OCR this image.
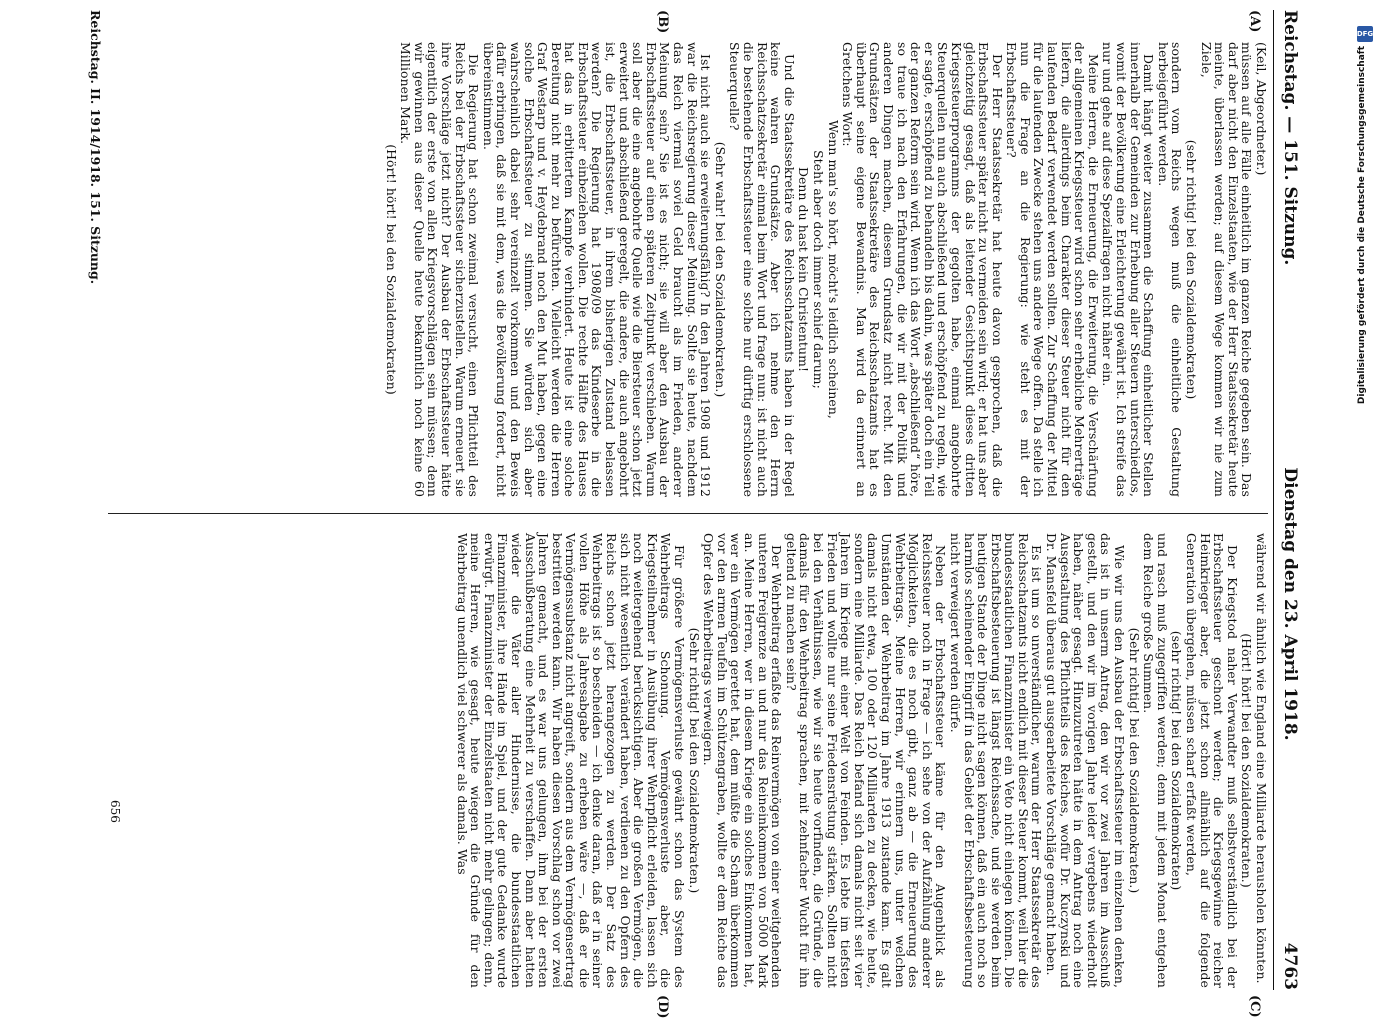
Reichstag. — 151. Sitzung.
Dienstag den 23. April 1918.
4763
(A)
(B)
(C)
(D)

(Keil, Abgeordneter.)

müssen auf alle Fälle einheitlich im ganzen Reiche gegeben sein. Das darf aber nicht den Einzelstaaten, wie der Herr Staatssekretär heute meinte, überlassen werden; auf diesem Wege kommen wir nie zum Ziele,

(sehr richtig! bei den Sozialdemokraten)

sondern vom Reichs wegen muß die einheitliche Gestaltung herbeigeführt werden.

Damit hängt weiter zusammen die Schaffung einheitlicher Stellen innerhalb der Gemeinden zur Erhebung aller Steuern unterschiedlos, womit der Bevölkerung eine Erleichterung gewährt ist. Ich streife das nur und gehe auf diese Spezialfragen nicht näher ein.

Meine Herren, die Erneuerung, die Erweiterung, die Verschärfung der allgemeinen Kriegssteuer wird schon sehr erhebliche Mehrerträge liefern, die allerdings beim Charakter dieser Steuer nicht für den laufenden Bedarf verwendet werden sollten. Zur Schaffung der Mittel für die laufenden Zwecke stehen uns andere Wege offen. Da stelle ich nun die Frage an die Regierung: wie steht es mit der Erbschaftssteuer?

Der Herr Staatssekretär hat heute davon gesprochen, daß die Erbschaftssteuer später nicht zu vermeiden sein wird; er hat uns aber gleichzeitig gesagt, daß als leitender Gesichtspunkt dieses dritten Kriegssteuerprogramms der gegolten habe, einmal angebohrte Steuerquellen nun auch abschließend und erschöpfend zu regeln, wie er sagte, erschöpfend zu behandeln bis dahin, was später doch ein Teil der ganzen Reform sein wird. Wenn ich das Wort „abschließend“ höre, so traue ich nach den Erfahrungen, die wir mit der Politik und anderen Dingen machen, diesem Grundsatz nicht recht. Mit den Grundsätzen der Staatssekretäre des Reichsschatzamts hat es überhaupt seine eigene Bewandnis. Man wird da erinnert an Gretchens Wort:

Wenn man's so hört, möcht's leidlich scheinen,

Steht aber doch immer schief darum;

Denn du hast kein Christentum!

Und die Staatssekretäre des Reichsschatzamts haben in der Regel keine wahren Grundsätze. Aber ich nehme den Herrn Reichsschatzsekretär einmal beim Wort und frage nun: ist nicht auch die bestehende Erbschaftssteuer eine solche nur dürftig erschlossene Steuerquelle?

(Sehr wahr! bei den Sozialdemokraten.)

Ist nicht auch sie erweiterungsfähig? In den Jahren 1908 und 1912 war die Reichsregierung dieser Meinung. Sollte sie heute, nachdem das Reich viermal soviel Geld braucht als im Frieden, anderer Meinung sein? Sie ist es nicht; sie will aber den Ausbau der Erbschaftssteuer auf einen späteren Zeitpunkt verschieben. Warum soll aber die eine angebohrte Quelle wie die Biersteuer schon jetzt erweitert und abschließend geregelt, die andere, die auch angebohrt ist, die Erbschaftssteuer, in ihrem bisherigen Zustand belassen werden? Die Regierung hat 1908/09 das Kindeserbe in die Erbschaftssteuer einbeziehen wollen. Die rechte Hälfte des Hauses hat das in erbittertem Kampfe verhindert. Heute ist eine solche Bereitung nicht mehr zu befürchten. Vielleicht werden die Herren Graf Westarp und v. Heydebrand noch den Mut haben, gegen eine solche Erbschaftssteuer zu stimmen. Sie würden sich aber wahrscheinlich dabei sehr vereinzelt vorkommen und den Beweis dafür erbringen, daß sie mit dem, was die Bevölkerung fordert, nicht übereinstimmen.

Die Regierung hat schon zweimal versucht, einen Pflichtteil des Reichs bei der Erbschaftssteuer sicherzustellen. Warum erneuert sie ihre Vorschläge jetzt nicht? Der Ausbau der Erbschaftssteuer hätte eigentlich der erste von allen Kriegsvorschlägen sein müssen; denn wir gewinnen aus dieser Quelle heute bekanntlich noch keine 60 Millionen Mark.

(Hört! hört! bei den Sozialdemokraten)

während wir ähnlich wie England eine Milliarde herausholen könnten.

(Hört! hört! bei den Sozialdemokraten.)

Der Kriegstod naher Verwandter muß selbstverständlich bei der Erbschaftssteuer geschont werden; die Kriegsgewinne reicher Heimkrieger aber, die jetzt schon allmählich auf die folgende Generation übergehen, müssen scharf erfaßt werden,

(sehr richtig! bei den Sozialdemokraten)

und rasch muß zugegriffen werden; denn mit jedem Monat entgehen dem Reiche große Summen.

(Sehr richtig! bei den Sozialdemokraten.)

Wie wir uns den Ausbau der Erbschaftssteuer im einzelnen denken, das ist in unserm Antrag, den wir vor zwei Jahren im Ausschuß gestellt, und den wir im vorigen Jahre leider vergebens wiederholt haben, näher gesagt. Hinzuzutreten hätte in dem Antrag noch eine Ausgestaltung des Pflichtteils des Reiches, wofür Dr. Kuczynski und Dr. Mansfeld überaus gut ausgearbeitete Vorschläge gemacht haben.

Es ist um so unverständlicher, warum der Herr Staatssekretär des Reichsschatzamts nicht endlich mit dieser Steuer kommt, weil hier die bundesstaatlichen Finanzminister ein Veto nicht einlegen können. Die Erbschaftsbesteuerung ist längst Reichssache, und sie werden beim heutigen Stande der Dinge nicht sagen können, daß ein auch noch so harmlos scheinender Eingriff in das Gebiet der Erbschaftsbesteuerung nicht verweigert werden dürfe.

Neben der Erbschaftssteuer käme für den Augenblick als Reichssteuer noch in Frage — ich sehe von der Aufzählung anderer Möglichkeiten, die es noch gibt, ganz ab — die Erneuerung des Wehrbeitrags. Meine Herren, wir erinnern uns, unter welchen Umständen der Wehrbeitrag im Jahre 1913 zustande kam. Es galt damals nicht etwa, 100 oder 120 Milliarden zu decken, wie heute, sondern eine Milliarde. Das Reich befand sich damals nicht seit vier Jahren im Kriege mit einer Welt von Feinden. Es lebte im tiefsten Frieden und wollte nur seine Friedensrüstung stärken. Sollten nicht bei den Verhältnissen, wie wir sie heute vorfinden, die Gründe, die damals für den Wehrbeitrag sprachen, mit zehnfacher Wucht für ihn geltend zu machen sein?

Der Wehrbeitrag erfaßte das Reinvermögen von einer weitgehenden unteren Freigrenze an und nur das Reineinkommen von 5000 Mark an. Meine Herren, wer in diesem Kriege ein solches Einkommen hat, wer ein Vermögen gerettet hat, dem müßte die Scham überkommen vor den armen Teufeln im Schützengraben, wollte er dem Reiche das Opfer des Wehrbeitrags verweigern.

(Sehr richtig! bei den Sozialdemokraten.)

Für größere Vermögensverluste gewährt schon das System des Wehrbeitrags Schonung. Vermögensverluste aber, die Kriegsteilnehmer in Ausübung ihrer Wehrpflicht erleiden, lassen sich noch weitergehend berücksichtigen. Aber die großen Vermögen, die sich nicht wesentlich verändert haben, verdienen zu den Opfern des Reichs schon jetzt herangezogen zu werden. Der Satz des Wehrbeitrags ist so bescheiden — ich denke daran, daß er in seiner vollen Höhe als Jahresabgabe zu erheben wäre —, daß er die Vermögenssubstanz nicht angreift, sondern aus dem Vermögensertrag bestritten werden kann. Wir haben diesen Vorschlag schon vor zwei Jahren gemacht, und es war uns gelungen, ihm bei der ersten Ausschußberatung eine Mehrheit zu verschaffen. Dann aber hatten wieder die Väter aller Hindernisse, die bundesstaatlichen Finanzminister, ihre Hände im Spiel, und der gute Gedanke wurde erwürgt. Finanzminister der Einzelstaaten nicht mehr gelingen; denn, meine Herren, wie gesagt, heute wiegen die Gründe für den Wehrbeitrag unendlich viel schwerer als damals. Was

656
Reichstag. II. 1914/1918. 151. Sitzung.	DFG
Digitalisierung gefördert durch die Deutsche Forschungsgemeinschaft
